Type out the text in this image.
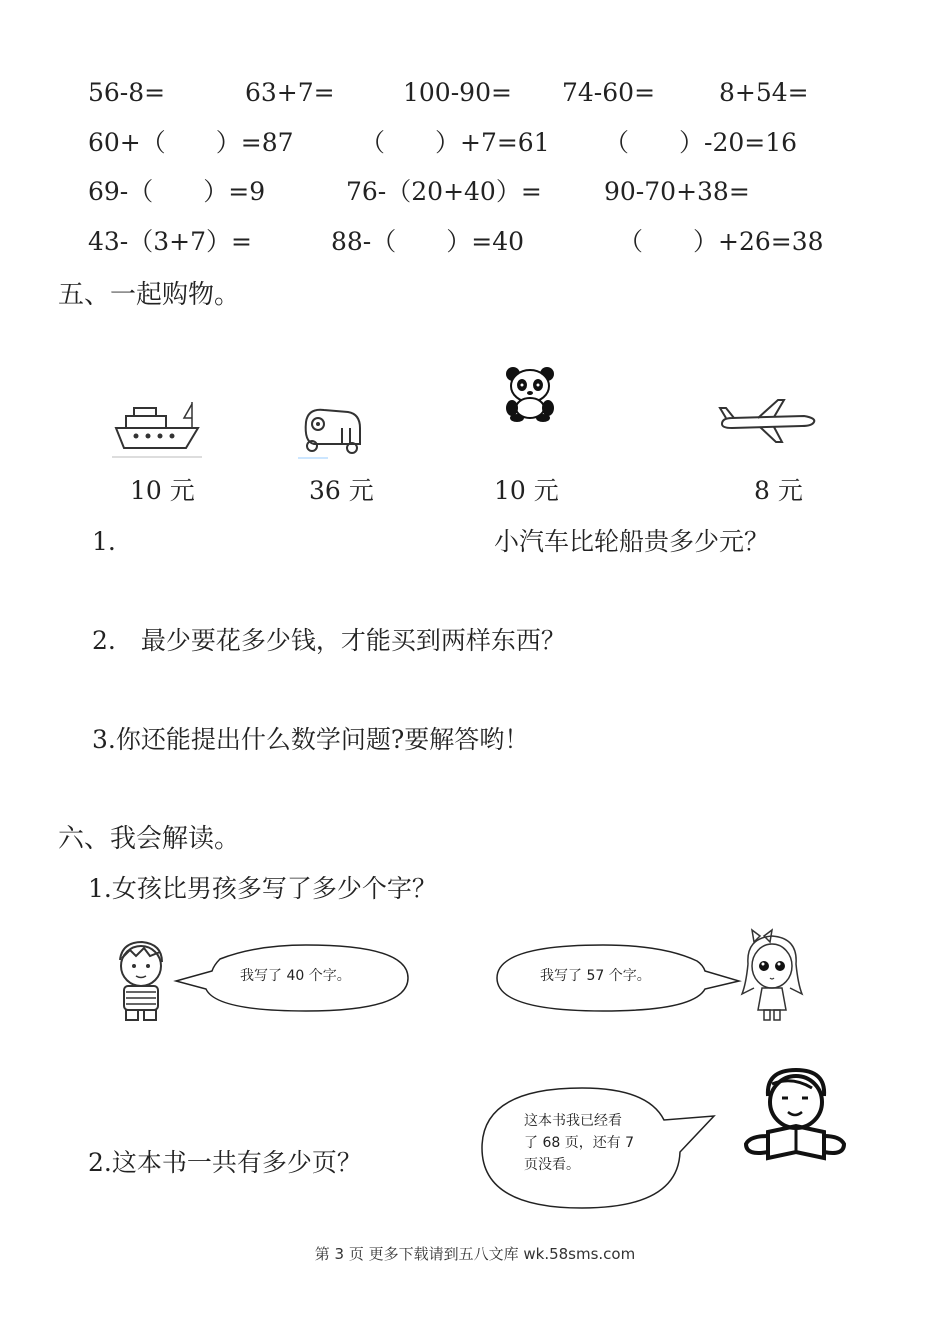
56-8=	63+7=	100-90= 74-60=	8+54=
60+（　　）=87	（　　）+7=61 （　　）-20=16
69-（　　）=9	76-（20+40）= 90-70+38=
43-（3+7）=	88-（　　）=40	（　　）+26=38
五、一起购物。
10 元	36 元	10 元	8 元
1.	小汽车比轮船贵多少元？
2.　最少要花多少钱，才能买到两样东西？
3.你还能提出什么数学问题?要解答哟！
六、我会解读。
1.女孩比男孩多写了多少个字？
我写了 40 个字。	我写了 57 个字。
这本书我已经看
了 68 页，还有 7
页没看。
2.这本书一共有多少页？
第 3 页 更多下载请到五八文库 wk.58sms.com
